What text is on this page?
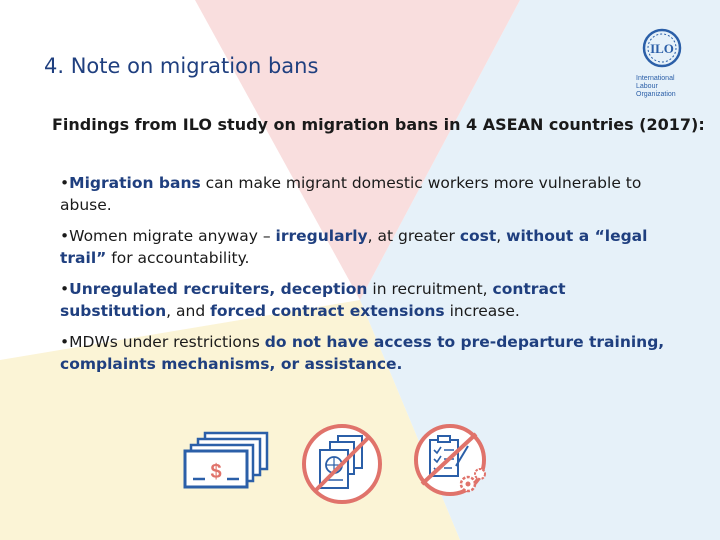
4. Note on migration bans
ILO
International Labour Organization
Findings from ILO study on migration bans in 4 ASEAN countries (2017):
•Migration bans can make migrant domestic workers more vulnerable to abuse.
•Women migrate anyway – irregularly, at greater cost, without a “legal trail” for accountability.
•Unregulated recruiters, deception in recruitment, contract substitution, and forced contract extensions increase.
•MDWs under restrictions do not have access to pre-departure training, complaints mechanisms, or assistance.
$
